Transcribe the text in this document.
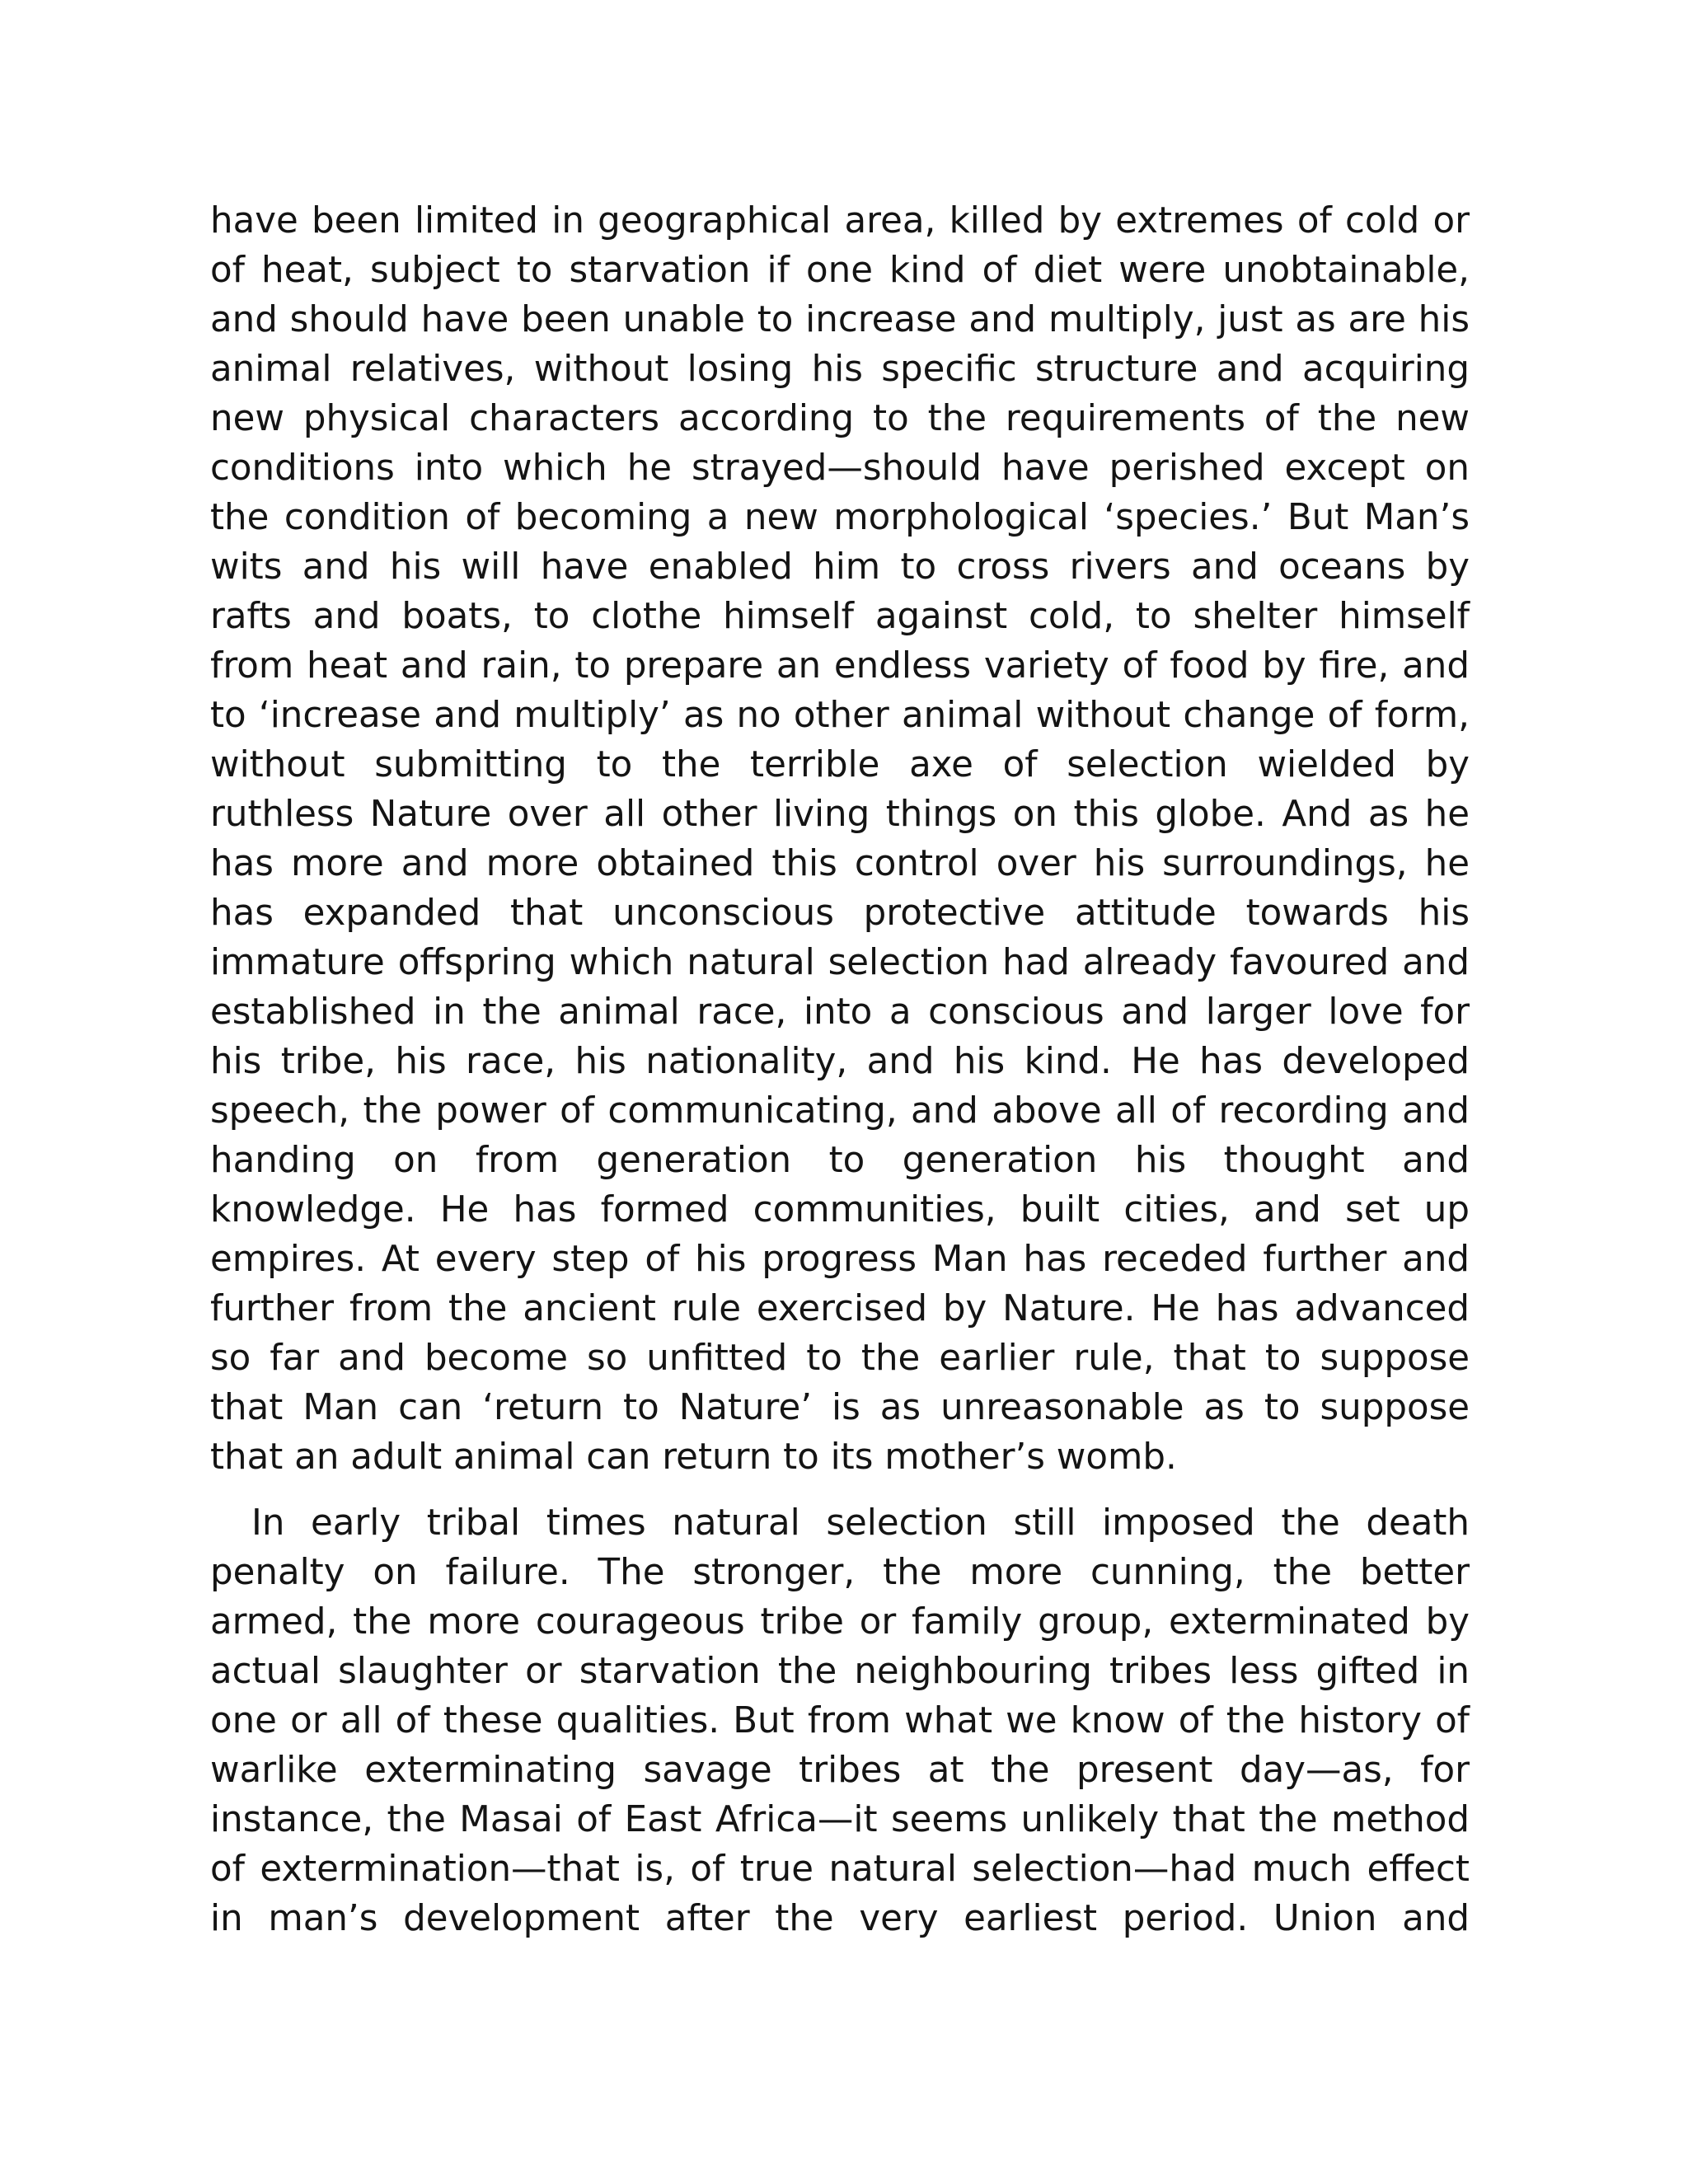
have been limited in geographical area, killed by extremes of cold or
of heat, subject to starvation if one kind of diet were unobtainable,
and should have been unable to increase and multiply, just as are his
animal relatives, without losing his specific structure and acquiring
new physical characters according to the requirements of the new
conditions into which he strayed—should have perished except on
the condition of becoming a new morphological ‘species.’ But Man’s
wits and his will have enabled him to cross rivers and oceans by
rafts and boats, to clothe himself against cold, to shelter himself
from heat and rain, to prepare an endless variety of food by fire, and
to ‘increase and multiply’ as no other animal without change of form,
without submitting to the terrible axe of selection wielded by
ruthless Nature over all other living things on this globe. And as he
has more and more obtained this control over his surroundings, he
has expanded that unconscious protective attitude towards his
immature offspring which natural selection had already favoured and
established in the animal race, into a conscious and larger love for
his tribe, his race, his nationality, and his kind. He has developed
speech, the power of communicating, and above all of recording and
handing on from generation to generation his thought and
knowledge. He has formed communities, built cities, and set up
empires. At every step of his progress Man has receded further and
further from the ancient rule exercised by Nature. He has advanced
so far and become so unfitted to the earlier rule, that to suppose
that Man can ‘return to Nature’ is as unreasonable as to suppose
that an adult animal can return to its mother’s womb.

In early tribal times natural selection still imposed the death
penalty on failure. The stronger, the more cunning, the better
armed, the more courageous tribe or family group, exterminated by
actual slaughter or starvation the neighbouring tribes less gifted in
one or all of these qualities. But from what we know of the history of
warlike exterminating savage tribes at the present day—as, for
instance, the Masai of East Africa—it seems unlikely that the method
of extermination—that is, of true natural selection—had much effect
in man’s development after the very earliest period. Union and
